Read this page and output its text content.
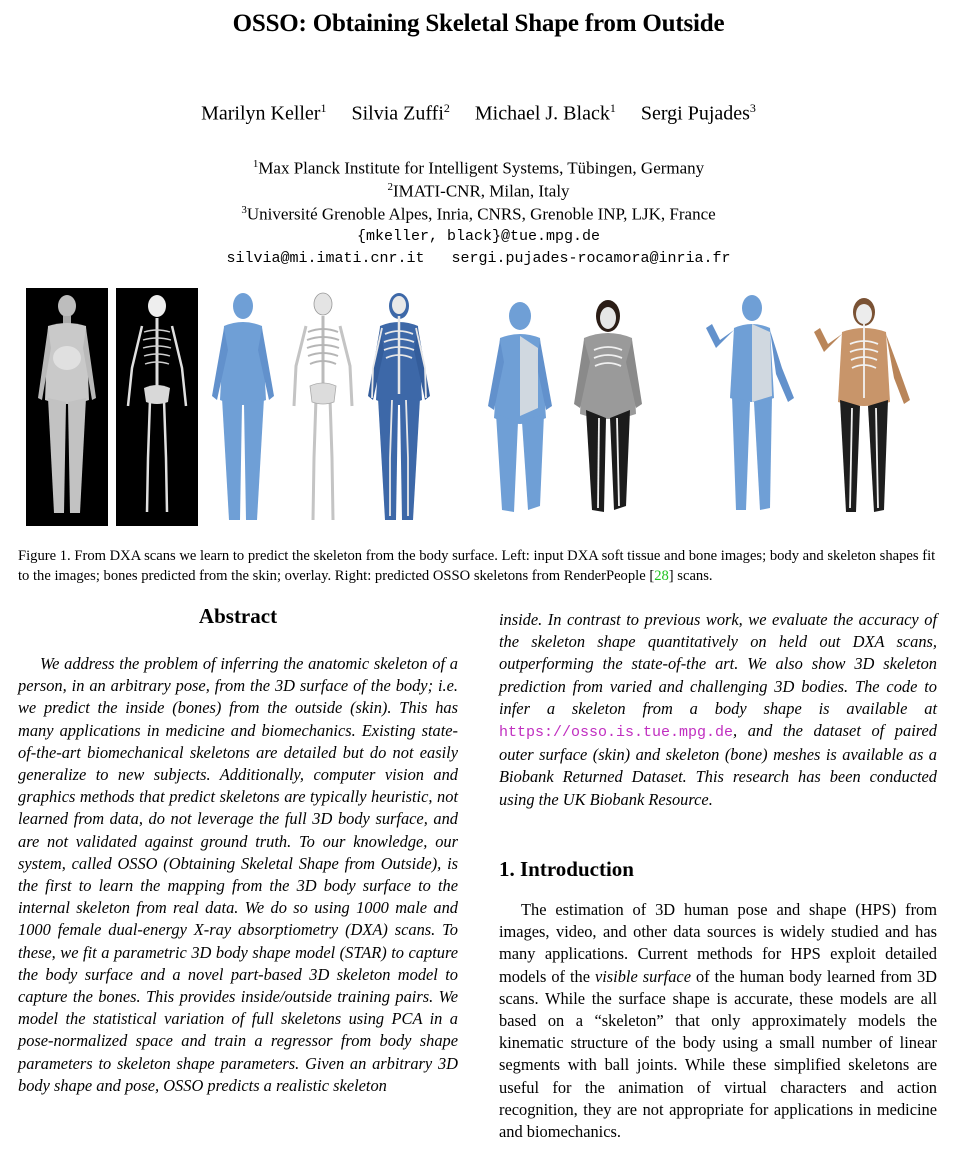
OSSO: Obtaining Skeletal Shape from Outside
Marilyn Keller$^1$ Silvia Zuffi$^2$ Michael J. Black$^1$ Sergi Pujades$^3$
$^1$Max Planck Institute for Intelligent Systems, Tübingen, Germany
$^2$IMATI-CNR, Milan, Italy
$^3$Université Grenoble Alpes, Inria, CNRS, Grenoble INP, LJK, France
{mkeller, black}@tue.mpg.de
silvia@mi.imati.cnr.it   sergi.pujades-rocamora@inria.fr
Figure 1. From DXA scans we learn to predict the skeleton from the body surface. Left: input DXA soft tissue and bone images; body and skeleton shapes fit to the images; bones predicted from the skin; overlay. Right: predicted OSSO skeletons from RenderPeople [28] scans.
Abstract
We address the problem of inferring the anatomic skeleton of a person, in an arbitrary pose, from the 3D surface of the body; i.e. we predict the inside (bones) from the outside (skin). This has many applications in medicine and biomechanics. Existing state-of-the-art biomechanical skeletons are detailed but do not easily generalize to new subjects. Additionally, computer vision and graphics methods that predict skeletons are typically heuristic, not learned from data, do not leverage the full 3D body surface, and are not validated against ground truth. To our knowledge, our system, called OSSO (Obtaining Skeletal Shape from Outside), is the first to learn the mapping from the 3D body surface to the internal skeleton from real data. We do so using 1000 male and 1000 female dual-energy X-ray absorptiometry (DXA) scans. To these, we fit a parametric 3D body shape model (STAR) to capture the body surface and a novel part-based 3D skeleton model to capture the bones. This provides inside/outside training pairs. We model the statistical variation of full skeletons using PCA in a pose-normalized space and train a regressor from body shape parameters to skeleton shape parameters. Given an arbitrary 3D body shape and pose, OSSO predicts a realistic skeleton
inside. In contrast to previous work, we evaluate the accuracy of the skeleton shape quantitatively on held out DXA scans, outperforming the state-of-the art. We also show 3D skeleton prediction from varied and challenging 3D bodies. The code to infer a skeleton from a body shape is available at https://osso.is.tue.mpg.de, and the dataset of paired outer surface (skin) and skeleton (bone) meshes is available as a Biobank Returned Dataset. This research has been conducted using the UK Biobank Resource.
1. Introduction
The estimation of 3D human pose and shape (HPS) from images, video, and other data sources is widely studied and has many applications. Current methods for HPS exploit detailed models of the visible surface of the human body learned from 3D scans. While the surface shape is accurate, these models are all based on a “skeleton” that only approximately models the kinematic structure of the body using a small number of linear segments with ball joints. While these simplified skeletons are useful for the animation of virtual characters and action recognition, they are not appropriate for applications in medicine and biomechanics.
